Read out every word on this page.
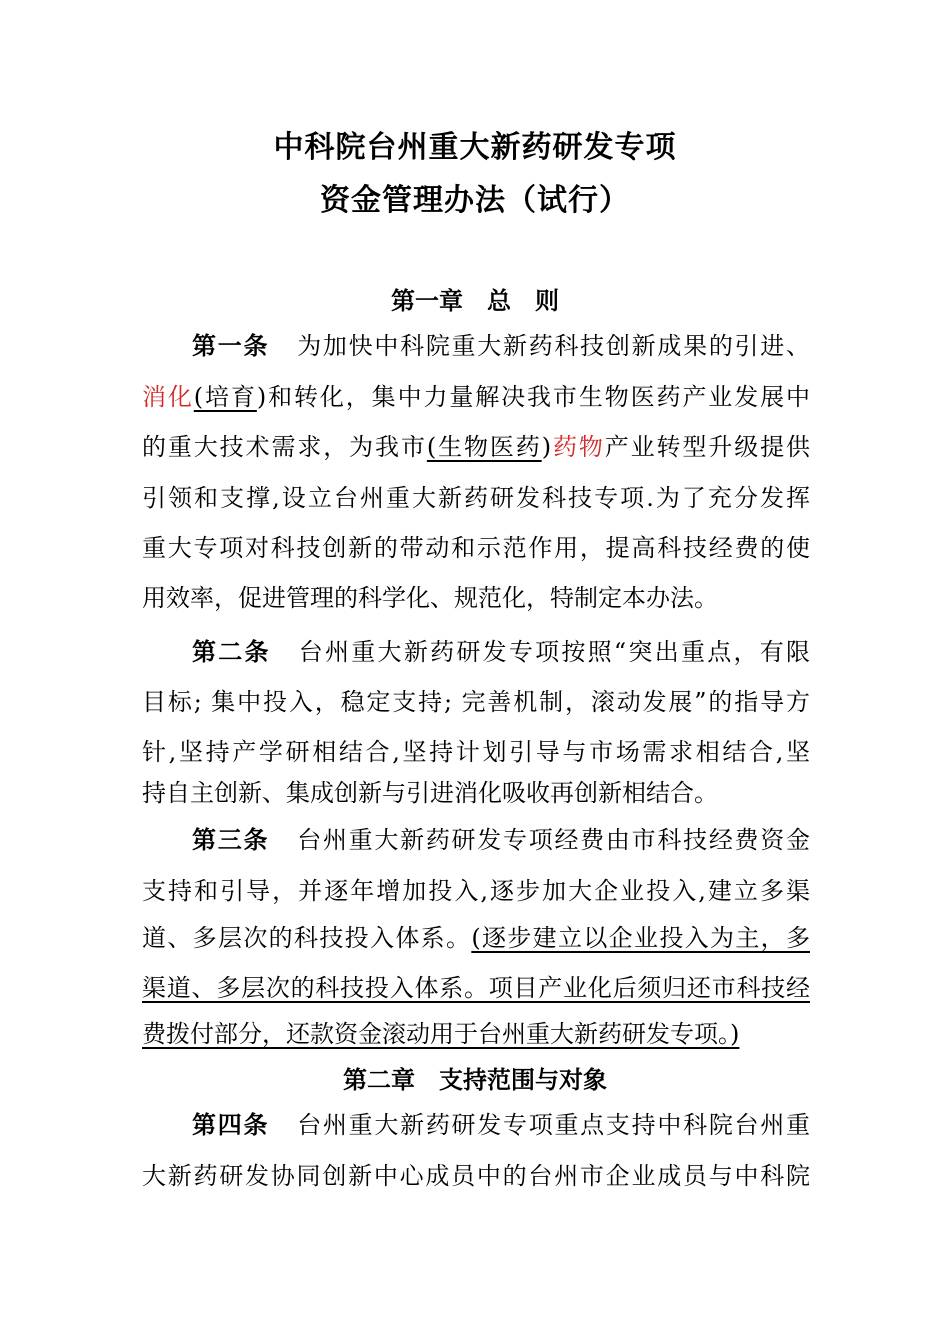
中科院台州重大新药研发专项
资金管理办法（试行）
第一章　总　则
第一条 为加快中科院重大新药科技创新成果的引进、
消化(培育)和转化，集中力量解决我市生物医药产业发展中
的重大技术需求，为我市(生物医药)药物产业转型升级提供
引领和支撑,设立台州重大新药研发科技专项.为了充分发挥
重大专项对科技创新的带动和示范作用，提高科技经费的使
用效率，促进管理的科学化、规范化，特制定本办法。
第二条 台州重大新药研发专项按照“突出重点，有限
目标; 集中投入，稳定支持; 完善机制，滚动发展”的指导方
针,坚持产学研相结合,坚持计划引导与市场需求相结合,坚
持自主创新、集成创新与引进消化吸收再创新相结合。
第三条 台州重大新药研发专项经费由市科技经费资金
支持和引导，并逐年增加投入,逐步加大企业投入,建立多渠
道、多层次的科技投入体系。(逐步建立以企业投入为主，多
渠道、多层次的科技投入体系。项目产业化后须归还市科技经
费拨付部分，还款资金滚动用于台州重大新药研发专项。)
第二章　支持范围与对象
第四条 台州重大新药研发专项重点支持中科院台州重
大新药研发协同创新中心成员中的台州市企业成员与中科院
